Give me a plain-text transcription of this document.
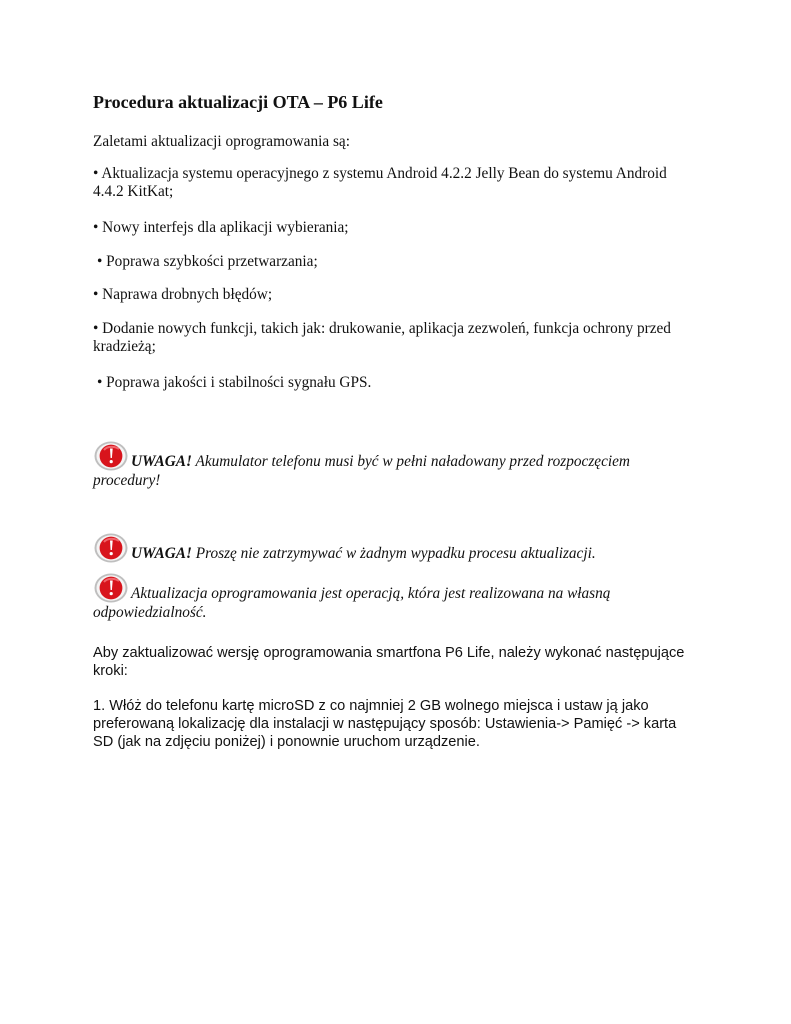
Procedura aktualizacji OTA – P6 Life

Zaletami aktualizacji oprogramowania są:

• Aktualizacja systemu operacyjnego z systemu Android 4.2.2 Jelly Bean do systemu Android 4.4.2 KitKat;

• Nowy interfejs dla aplikacji wybierania;

• Poprawa szybkości przetwarzania;

• Naprawa drobnych błędów;

• Dodanie nowych funkcji, takich jak: drukowanie, aplikacja zezwoleń, funkcja ochrony przed kradzieżą;

• Poprawa jakości i stabilności sygnału GPS.

UWAGA! Akumulator telefonu musi być w pełni naładowany przed rozpoczęciem procedury!
UWAGA! Proszę nie zatrzymywać w żadnym wypadku procesu aktualizacji.
Aktualizacja oprogramowania jest operacją, która jest realizowana na własną odpowiedzialność.

Aby zaktualizować wersję oprogramowania smartfona P6 Life, należy wykonać następujące kroki:

1. Włóż do telefonu kartę microSD z co najmniej 2 GB wolnego miejsca i ustaw ją jako preferowaną lokalizację dla instalacji w następujący sposób: Ustawienia-> Pamięć -> karta SD (jak na zdjęciu poniżej) i ponownie uruchom urządzenie.
